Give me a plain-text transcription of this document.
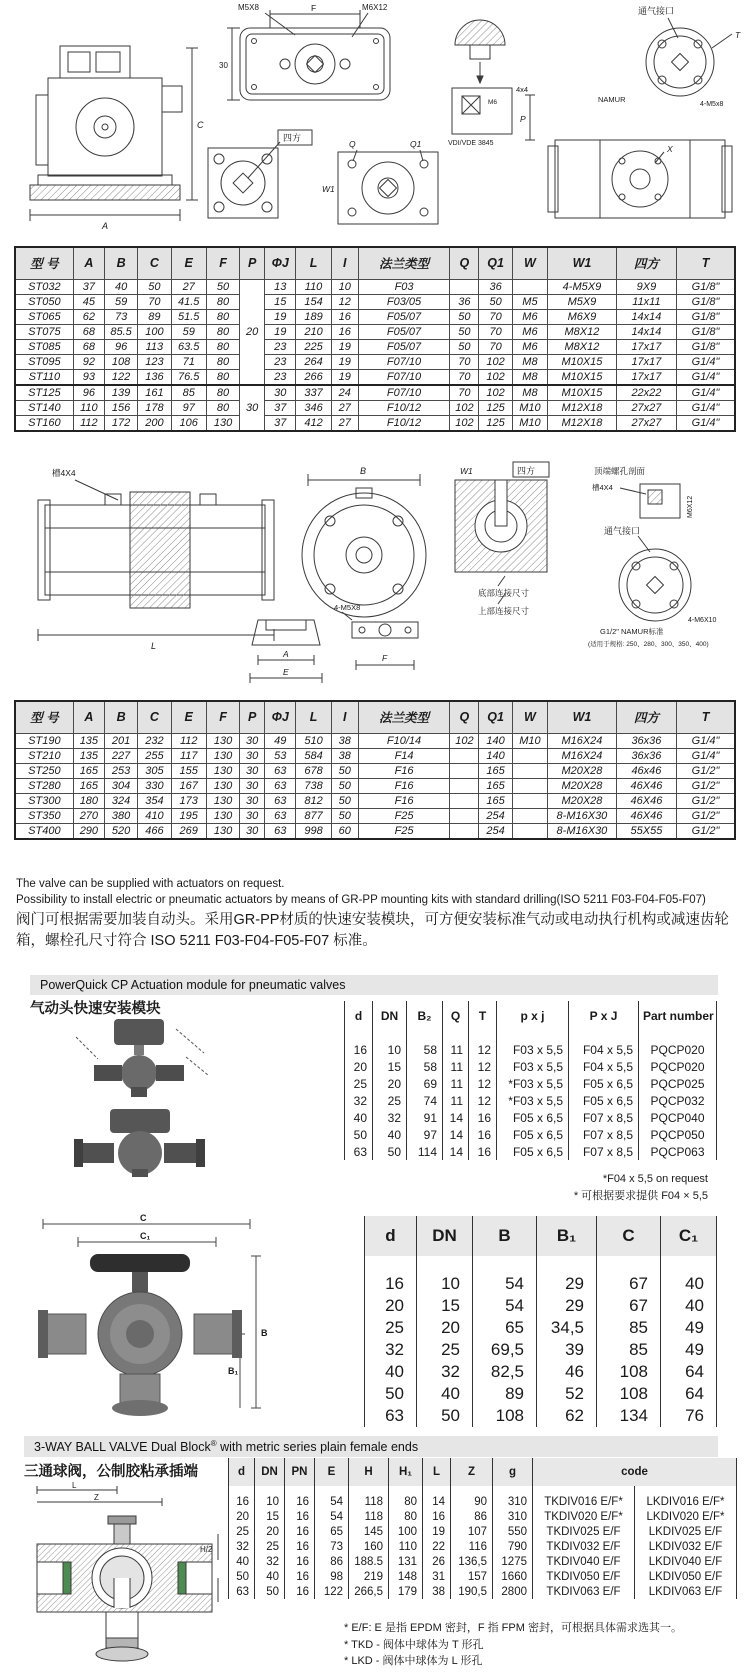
C
A
F
M5X8	M6X12
30
四方
Q	Q1
W1
M6
VDI/VDE 3845
4x4
P
X
通气接口
T
4-M5x8
NAMUR
型 号	A	B	C	E	F	P	ΦJ	L	I	法兰类型	Q	Q1	W	W1	四方	T
ST032	37	40	50	27	50	20	13	110	10	F03		36		4-M5X9	9X9	G1/8"
ST050	45	59	70	41.5	80		15	154	12	F03/05	36	50	M5	M5X9	11x11	G1/8"
ST065	62	73	89	51.5	80		19	189	16	F05/07	50	70	M6	M6X9	14x14	G1/8"
ST075	68	85.5	100	59	80		19	210	16	F05/07	50	70	M6	M8X12	14x14	G1/8"
ST085	68	96	113	63.5	80		23	225	19	F05/07	50	70	M6	M8X12	17x17	G1/8"
ST095	92	108	123	71	80		23	264	19	F07/10	70	102	M8	M10X15	17x17	G1/4"
ST110	93	122	136	76.5	80		23	266	19	F07/10	70	102	M8	M10X15	17x17	G1/4"
ST125	96	139	161	85	80	30	30	337	24	F07/10	70	102	M8	M10X15	22x22	G1/4"
ST140	110	156	178	97	80		37	346	27	F10/12	102	125	M10	M12X18	27x27	G1/4"
ST160	112	172	200	106	130		37	412	27	F10/12	102	125	M10	M12X18	27x27	G1/4"
槽4X4
L
B
A
E
4-M5X8
F
W1	四方
底部连接尺寸
上部连接尺寸
顶端螺孔剖面
槽4X4
M6X12
通气接口
4-M6X10
G1/2" NAMUR标准
(适用于规格: 250、280、300、350、400)
型 号	A	B	C	E	F	P	ΦJ	L	I	法兰类型	Q	Q1	W	W1	四方	T
ST190	135	201	232	112	130	30	49	510	38	F10/14	102	140	M10	M16X24	36x36	G1/4"
ST210	135	227	255	117	130	30	53	584	38	F14		140		M16X24	36x36	G1/4"
ST250	165	253	305	155	130	30	63	678	50	F16		165		M20X28	46x46	G1/2"
ST280	165	304	330	167	130	30	63	738	50	F16		165		M20X28	46X46	G1/2"
ST300	180	324	354	173	130	30	63	812	50	F16		165		M20X28	46X46	G1/2"
ST350	270	380	410	195	130	30	63	877	50	F25		254		8-M16X30	46X46	G1/2"
ST400	290	520	466	269	130	30	63	998	60	F25		254		8-M16X30	55X55	G1/2"
The valve can be supplied with actuators on request.
Possibility to install electric or pneumatic actuators by means of GR-PP mounting kits with standard drilling(ISO 5211 F03-F04-F05-F07)
阀门可根据需要加装自动头。采用GR-PP材质的快速安装模块，可方便安装标准气动或电动执行机构或减速齿轮箱，螺栓孔尺寸符合 ISO 5211 F03-F04-F05-F07 标准。
PowerQuick CP Actuation module for pneumatic valves
气动头快速安装模块	d	DN	B₂	Q	T	p x j	P x J	Part number
16	10	58	11	12	F03 x 5,5	F04 x 5,5	PQCP020
20	15	58	11	12	F03 x 5,5	F04 x 5,5	PQCP020
25	20	69	11	12	*F03 x 5,5	F05 x 6,5	PQCP025
32	25	74	11	12	*F03 x 5,5	F05 x 6,5	PQCP032
40	32	91	14	16	F05 x 6,5	F07 x 8,5	PQCP040
50	40	97	14	16	F05 x 6,5	F07 x 8,5	PQCP050
63	50	114	14	16	F05 x 6,5	F07 x 8,5	PQCP063
*F04 x 5,5 on request
* 可根据要求提供 F04 × 5,5
C
C₁
B
B₁
d	DN	B	B₁	C	C₁
16	10	54	29	67	40
20	15	54	29	67	40
25	20	65	34,5	85	49
32	25	69,5	39	85	49
40	32	82,5	46	108	64
50	40	89	52	108	64
63	50	108	62	134	76
3-WAY BALL VALVE Dual Block® with metric series plain female ends
三通球阀，公制胶粘承插端
L
Z
d	DN	PN	E	H	H₁	L	Z	g	code	
16	10	16	54	118	80	14	90	310	TKDIV016 E/F*	LKDIV016 E/F*
20	15	16	54	118	80	16	86	310	TKDIV020 E/F*	LKDIV020 E/F*
25	20	16	65	145	100	19	107	550	TKDIV025 E/F	LKDIV025 E/F
32	25	16	73	160	110	22	116	790	TKDIV032 E/F	LKDIV032 E/F
40	32	16	86	188.5	131	26	136,5	1275	TKDIV040 E/F	LKDIV040 E/F
50	40	16	98	219	148	31	157	1660	TKDIV050 E/F	LKDIV050 E/F
63	50	16	122	266,5	179	38	190,5	2800	TKDIV063 E/F	LKDIV063 E/F
* E/F: E 是指 EPDM 密封，F 指 FPM 密封，可根据具体需求选其一。
* TKD - 阀体中球体为 T 形孔
* LKD - 阀体中球体为 L 形孔
